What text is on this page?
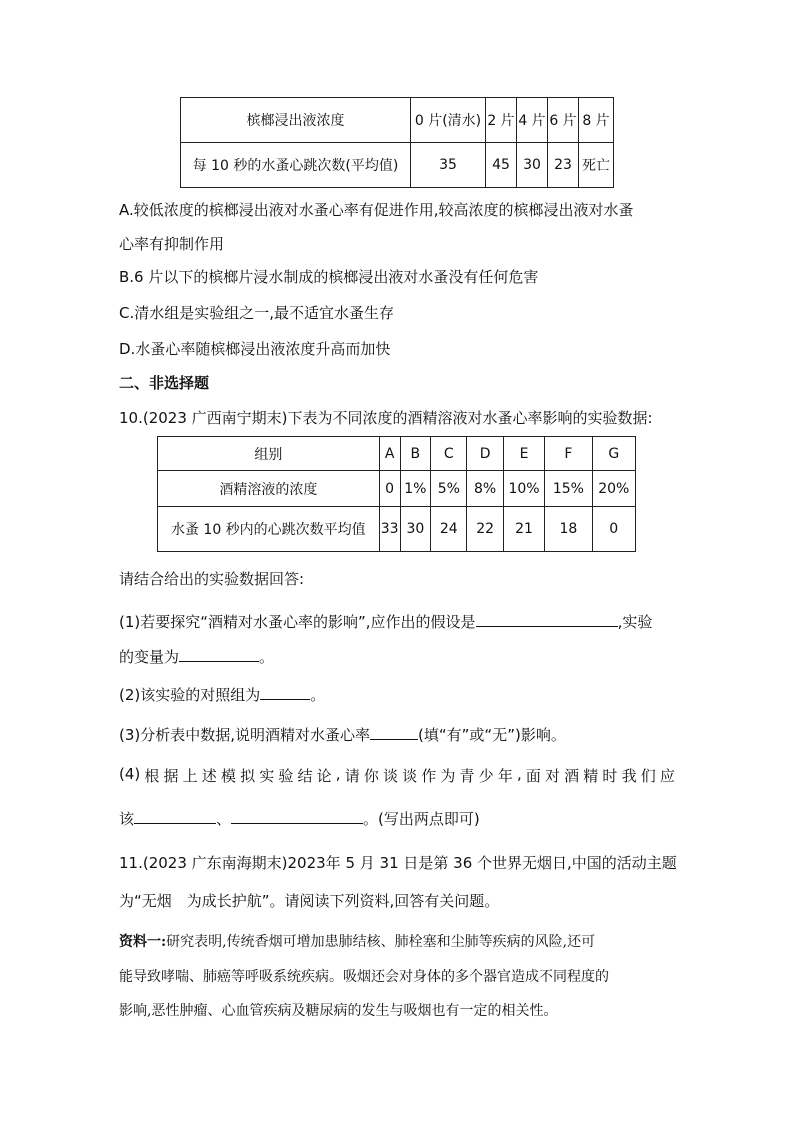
槟榔浸出液浓度	0 片(清水)	2 片	4 片	6 片	8 片
每 10 秒的水蚤心跳次数(平均值)	35	45	30	23	死亡
A.较低浓度的槟榔浸出液对水蚤心率有促进作用,较高浓度的槟榔浸出液对水蚤
心率有抑制作用
B.6 片以下的槟榔片浸水制成的槟榔浸出液对水蚤没有任何危害
C.清水组是实验组之一,最不适宜水蚤生存
D.水蚤心率随槟榔浸出液浓度升高而加快
二、非选择题
10.(2023 广西南宁期末)下表为不同浓度的酒精溶液对水蚤心率影响的实验数据:
组别	A	B	C	D	E	F	G
酒精溶液的浓度	0	1%	5%	8%	10%	15%	20%
水蚤 10 秒内的心跳次数平均值	33	30	24	22	21	18	0
请结合给出的实验数据回答:
(1)若要探究“酒精对水蚤心率的影响”,应作出的假设是	,实验
的变量为	。
(2)该实验的对照组为	。
(3)分析表中数据,说明酒精对水蚤心率	(填“有”或“无”)影响。
(4) 根 据 上 述 模 拟 实 验 结 论 , 请 你 谈 谈 作 为 青 少 年 , 面 对 酒 精 时 我 们 应
该	、	。(写出两点即可)
11.(2023 广东南海期末)2023年 5 月 31 日是第 36 个世界无烟日,中国的活动主题
为“无烟　为成长护航”。请阅读下列资料,回答有关问题。
资料一:研究表明,传统香烟可增加患肺结核、肺栓塞和尘肺等疾病的风险,还可
能导致哮喘、肺癌等呼吸系统疾病。吸烟还会对身体的多个器官造成不同程度的
影响,恶性肿瘤、心血管疾病及糖尿病的发生与吸烟也有一定的相关性。
